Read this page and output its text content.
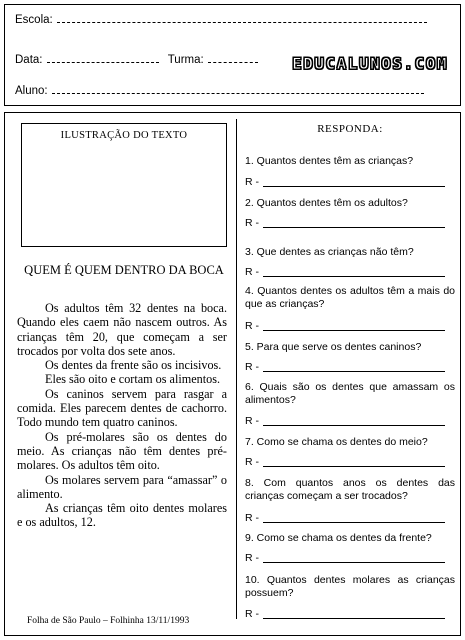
Escola:
Data:	Turma:	EDUCALUNOS.COM
Aluno:
ILUSTRAÇÃO DO TEXTO
QUEM É QUEM DENTRO DA BOCA

Os adultos têm 32 dentes na boca. Quando eles caem não nascem outros. As crianças têm 20, que começam a ser trocados por volta dos sete anos.

Os dentes da frente são os incisivos.

Eles são oito e cortam os alimentos.

Os caninos servem para rasgar a comida. Eles parecem dentes de cachorro. Todo mundo tem quatro caninos.

Os pré-molares são os dentes do meio. As crianças não têm dentes pré-molares. Os adultos têm oito.

Os molares servem para “amassar” o alimento.

As crianças têm oito dentes molares e os adultos, 12.

Folha de São Paulo – Folhinha 13/11/1993
RESPONDA:
1. Quantos dentes têm as crianças?
R -
2. Quantos dentes têm os adultos?
R -
3. Que dentes as crianças não têm?
R -
4. Quantos dentes os adultos têm a mais do que as crianças?
R -
5. Para que serve os dentes caninos?
R -
6. Quais são os dentes que amassam os alimentos?
R -
7. Como se chama os dentes do meio?
R -
8. Com quantos anos os dentes das crianças começam a ser trocados?
R -
9. Como se chama os dentes da frente?
R -
10. Quantos dentes molares as crianças possuem?
R -
